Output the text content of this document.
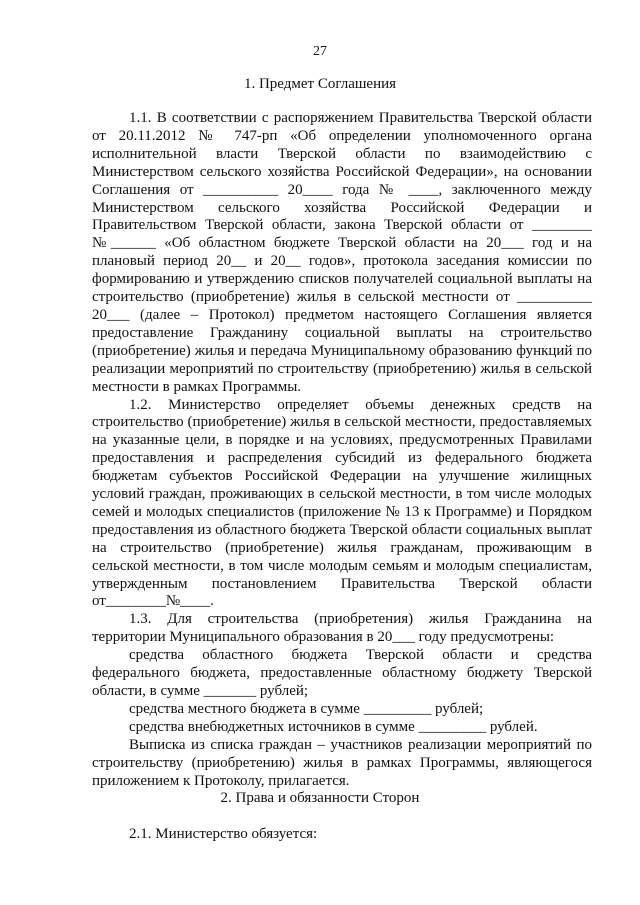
27
1. Предмет Соглашения

1.1. В соответствии с распоряжением Правительства Тверской области от 20.11.2012 № 747-рп «Об определении уполномоченного органа исполнительной власти Тверской области по взаимодействию с Министерством сельского хозяйства Российской Федерации», на основании Соглашения от __________ 20____ года № ____, заключенного между Министерством сельского хозяйства Российской Федерации и Правительством Тверской области, закона Тверской области от ________ №______ «Об областном бюджете Тверской области на 20___ год и на плановый период 20__ и 20__ годов», протокола заседания комиссии по формированию и утверждению списков получателей социальной выплаты на строительство (приобретение) жилья в сельской местности от __________ 20___ (далее – Протокол) предметом настоящего Соглашения является предоставление Гражданину социальной выплаты на строительство (приобретение) жилья и передача Муниципальному образованию функций по реализации мероприятий по строительству (приобретению) жилья в сельской местности в рамках Программы.

1.2. Министерство определяет объемы денежных средств на строительство (приобретение) жилья в сельской местности, предоставляемых на указанные цели, в порядке и на условиях, предусмотренных Правилами предоставления и распределения субсидий из федерального бюджета бюджетам субъектов Российской Федерации на улучшение жилищных условий граждан, проживающих в сельской местности, в том числе молодых семей и молодых специалистов (приложение № 13 к Программе) и Порядком предоставления из областного бюджета Тверской области социальных выплат на строительство (приобретение) жилья гражданам, проживающим в сельской местности, в том числе молодым семьям и молодым специалистам, утвержденным постановлением Правительства Тверской области от________№____.

1.3. Для строительства (приобретения) жилья Гражданина на территории Муниципального образования в 20___ году предусмотрены:

средства областного бюджета Тверской области и средства федерального бюджета, предоставленные областному бюджету Тверской области, в сумме _______ рублей;

средства местного бюджета в сумме _________ рублей;

средства внебюджетных источников в сумме _________ рублей.

Выписка из списка граждан – участников реализации мероприятий по строительству (приобретению) жилья в рамках Программы, являющегося приложением к Протоколу, прилагается.

2. Права и обязанности Сторон

2.1. Министерство обязуется:
